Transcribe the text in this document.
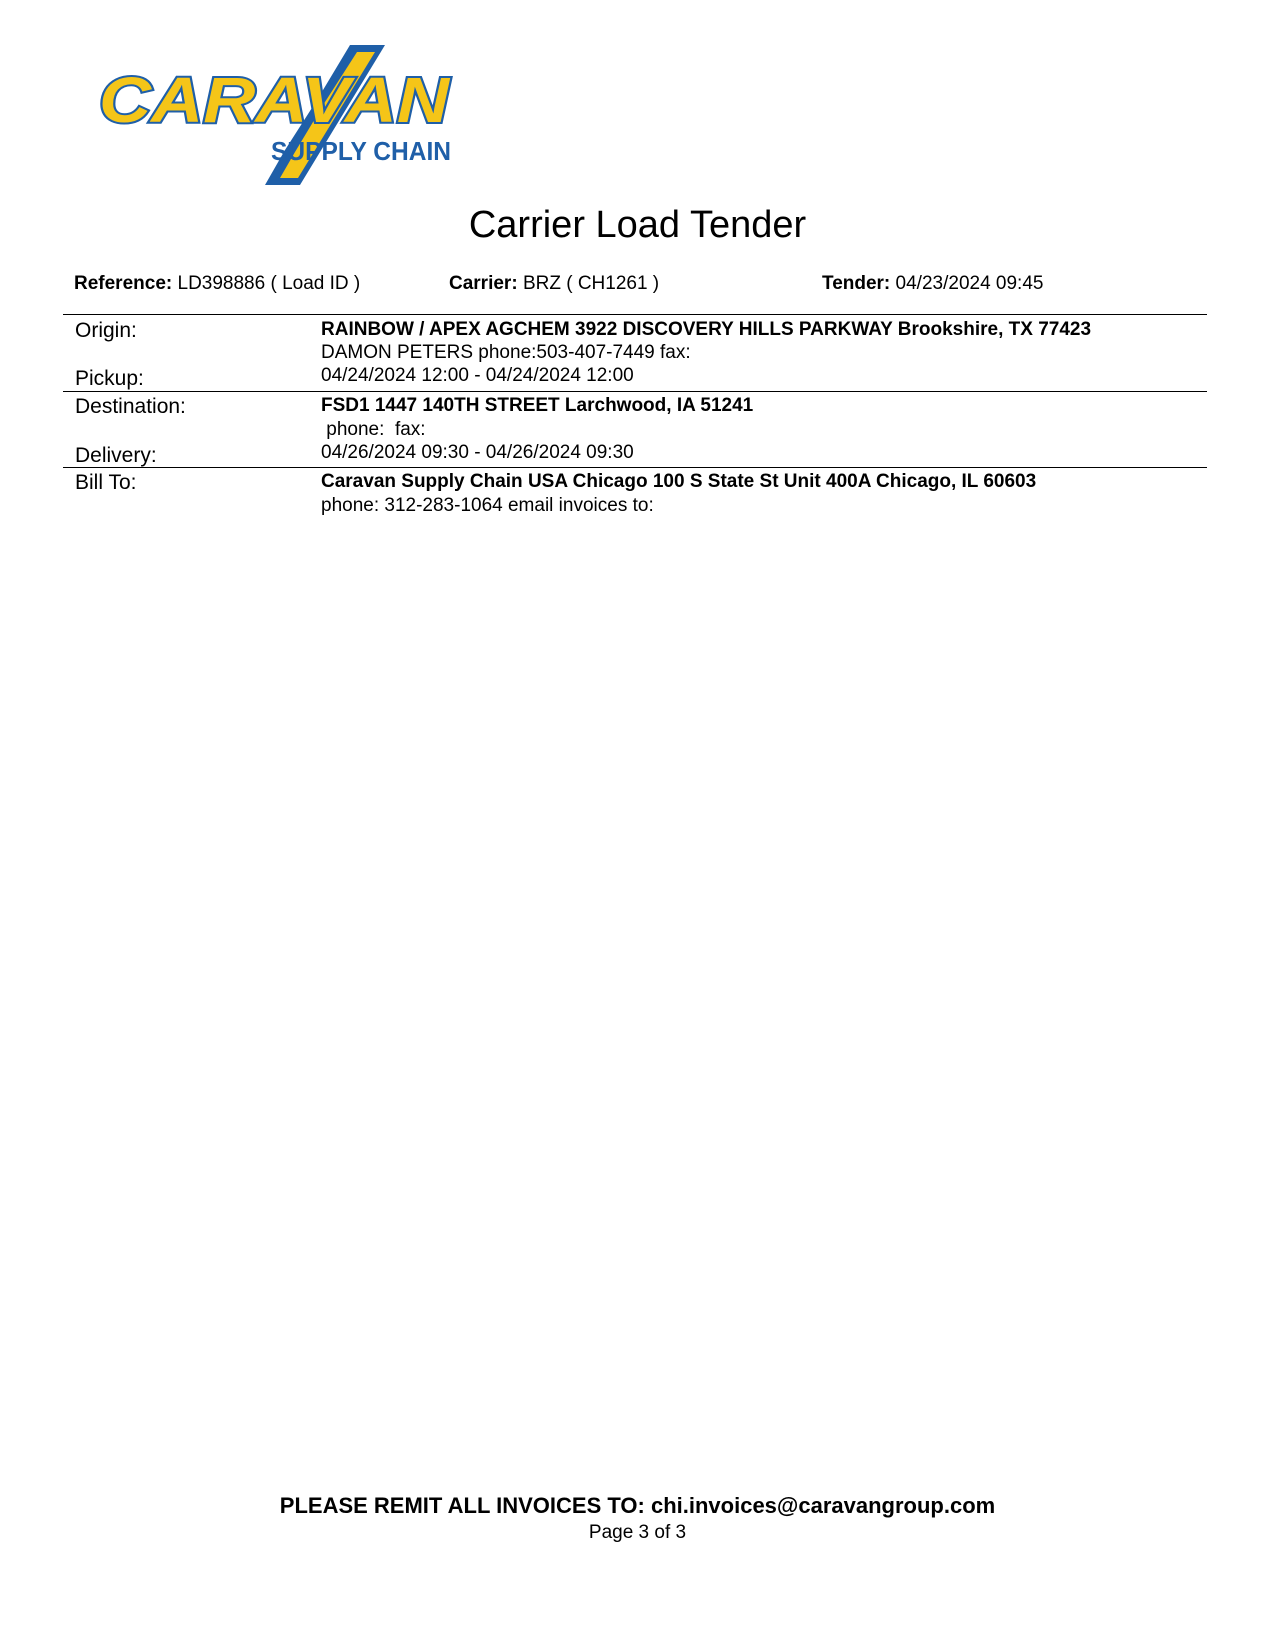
CARAVAN
SUPPLY CHAIN
Carrier Load Tender
Reference: LD398886 ( Load ID )	Carrier: BRZ ( CH1261 )	Tender: 04/23/2024 09:45
Origin:	RAINBOW / APEX AGCHEM 3922 DISCOVERY HILLS PARKWAY Brookshire, TX 77423
DAMON PETERS phone:503-407-7449 fax:
Pickup:	04/24/2024 12:00 - 04/24/2024 12:00
Destination:	FSD1 1447 140TH STREET Larchwood, IA 51241
phone:  fax:
Delivery:	04/26/2024 09:30 - 04/26/2024 09:30
Bill To:	Caravan Supply Chain USA Chicago 100 S State St Unit 400A Chicago, IL 60603
phone: 312-283-1064 email invoices to:
PLEASE REMIT ALL INVOICES TO: chi.invoices@caravangroup.com
Page 3 of 3
